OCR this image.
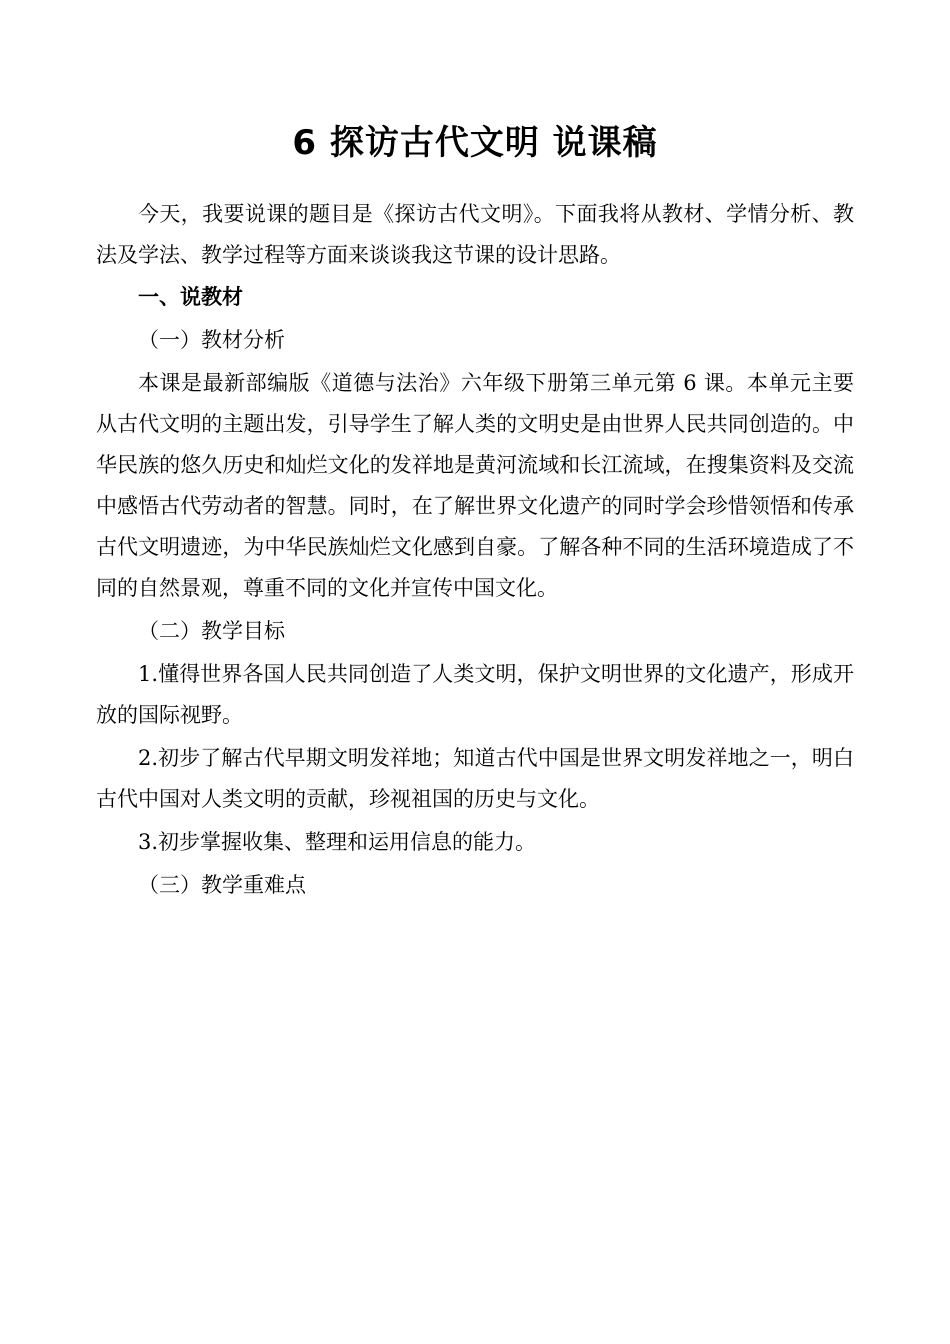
6 探访古代文明 说课稿

今天，我要说课的题目是《探访古代文明》。下面我将从教材、学情分析、教法及学法、教学过程等方面来谈谈我这节课的设计思路。

一、说教材

（一）教材分析

本课是最新部编版《道德与法治》六年级下册第三单元第 6 课。本单元主要从古代文明的主题出发，引导学生了解人类的文明史是由世界人民共同创造的。中华民族的悠久历史和灿烂文化的发祥地是黄河流域和长江流域，在搜集资料及交流中感悟古代劳动者的智慧。同时，在了解世界文化遗产的同时学会珍惜领悟和传承古代文明遗迹，为中华民族灿烂文化感到自豪。了解各种不同的生活环境造成了不同的自然景观，尊重不同的文化并宣传中国文化。

（二）教学目标

1.懂得世界各国人民共同创造了人类文明，保护文明世界的文化遗产，形成开放的国际视野。

2.初步了解古代早期文明发祥地；知道古代中国是世界文明发祥地之一，明白古代中国对人类文明的贡献，珍视祖国的历史与文化。

3.初步掌握收集、整理和运用信息的能力。

（三）教学重难点
